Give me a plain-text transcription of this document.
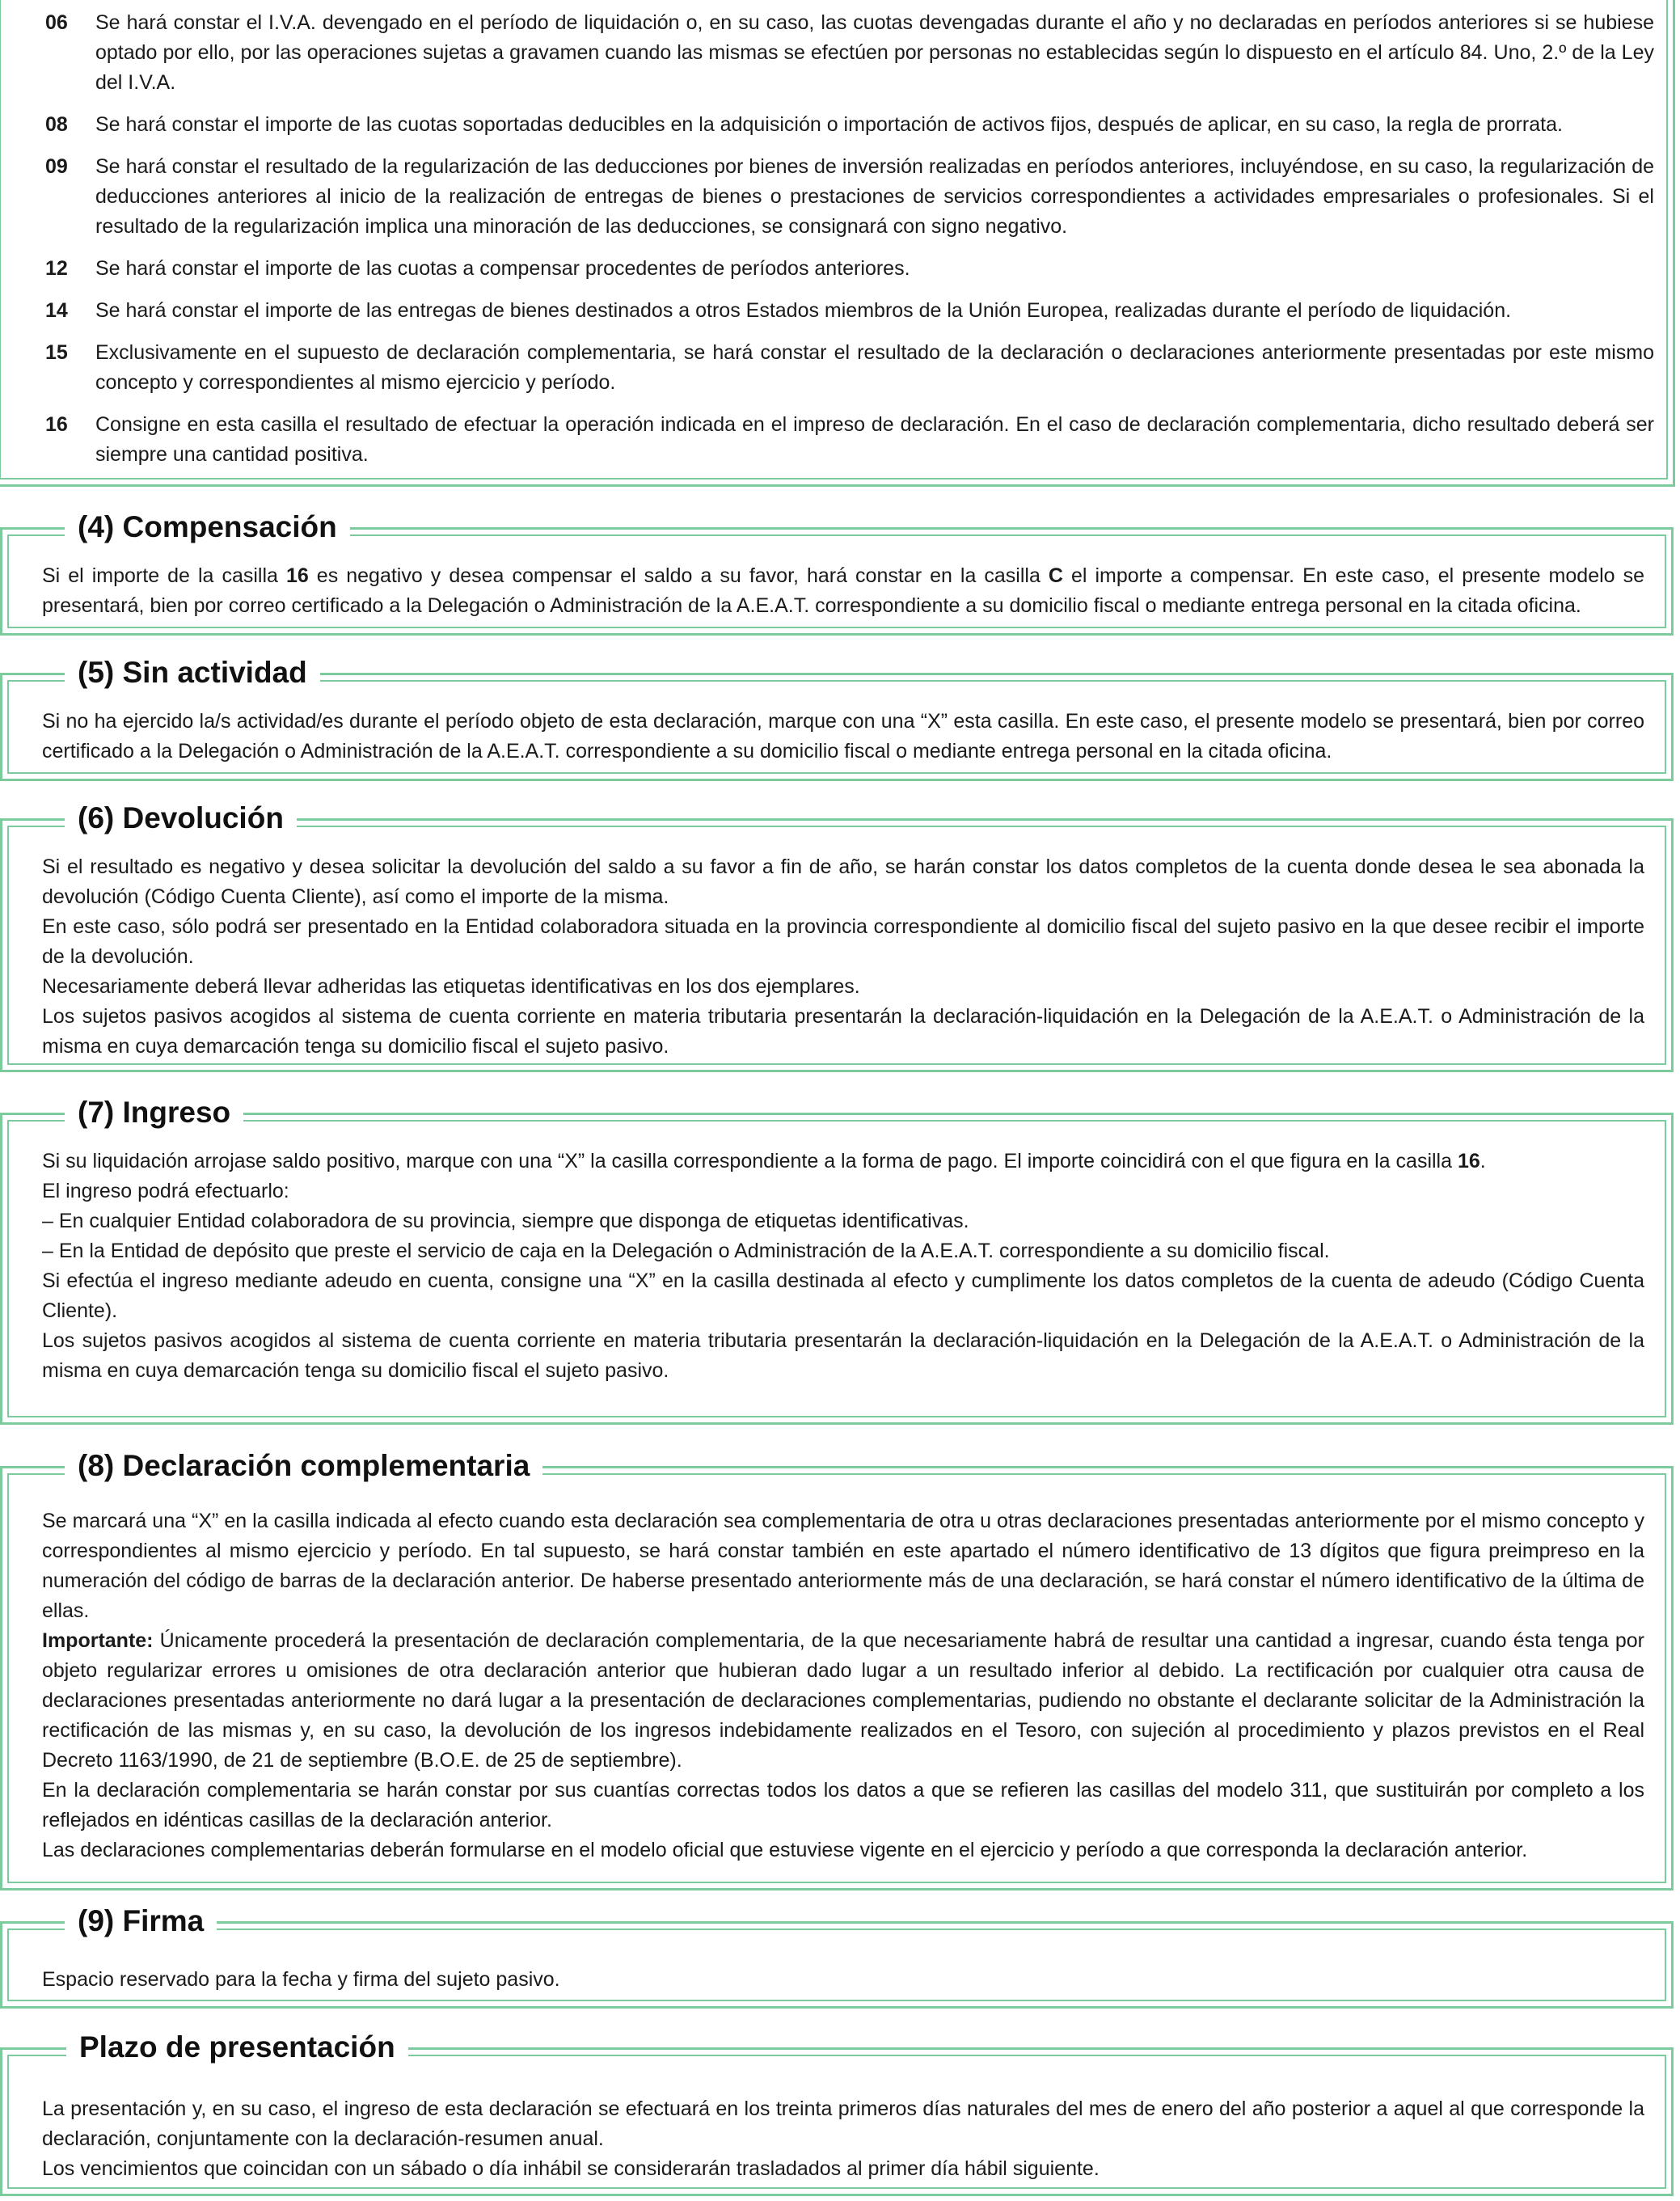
06	Se hará constar el I.V.A. devengado en el período de liquidación o, en su caso, las cuotas devengadas durante el año y no declaradas en períodos anteriores si se hubiese optado por ello, por las operaciones sujetas a gravamen cuando las mismas se efectúen por personas no establecidas según lo dispuesto en el artículo 84. Uno, 2.º de la Ley del I.V.A.
08	Se hará constar el importe de las cuotas soportadas deducibles en la adquisición o importación de activos fijos, después de aplicar, en su caso, la regla de prorrata.
09	Se hará constar el resultado de la regularización de las deducciones por bienes de inversión realizadas en períodos anteriores, incluyéndose, en su caso, la regularización de deducciones anteriores al inicio de la realización de entregas de bienes o prestaciones de servicios correspondientes a actividades empresariales o profesionales. Si el resultado de la regularización implica una minoración de las deducciones, se consignará con signo negativo.
12	Se hará constar el importe de las cuotas a compensar procedentes de períodos anteriores.
14	Se hará constar el importe de las entregas de bienes destinados a otros Estados miembros de la Unión Europea, realizadas durante el período de liquidación.
15	Exclusivamente en el supuesto de declaración complementaria, se hará constar el resultado de la declaración o declaraciones anteriormente presentadas por este mismo concepto y correspondientes al mismo ejercicio y período.
16	Consigne en esta casilla el resultado de efectuar la operación indicada en el impreso de declaración. En el caso de declaración complementaria, dicho resultado deberá ser siempre una cantidad positiva.
(4) Compensación

Si el importe de la casilla 16 es negativo y desea compensar el saldo a su favor, hará constar en la casilla C el importe a compensar. En este caso, el presente modelo se presentará, bien por correo certificado a la Delegación o Administración de la A.E.A.T. correspondiente a su domicilio fiscal o mediante entrega personal en la citada oficina.

(5) Sin actividad

Si no ha ejercido la/s actividad/es durante el período objeto de esta declaración, marque con una “X” esta casilla. En este caso, el presente modelo se presentará, bien por correo certificado a la Delegación o Administración de la A.E.A.T. correspondiente a su domicilio fiscal o mediante entrega personal en la citada oficina.

(6) Devolución

Si el resultado es negativo y desea solicitar la devolución del saldo a su favor a fin de año, se harán constar los datos completos de la cuenta donde desea le sea abonada la devolución (Código Cuenta Cliente), así como el importe de la misma.

En este caso, sólo podrá ser presentado en la Entidad colaboradora situada en la provincia correspondiente al domicilio fiscal del sujeto pasivo en la que desee recibir el importe de la devolución.

Necesariamente deberá llevar adheridas las etiquetas identificativas en los dos ejemplares.

Los sujetos pasivos acogidos al sistema de cuenta corriente en materia tributaria presentarán la declaración-liquidación en la Delegación de la A.E.A.T. o Administración de la misma en cuya demarcación tenga su domicilio fiscal el sujeto pasivo.

(7) Ingreso

Si su liquidación arrojase saldo positivo, marque con una “X” la casilla correspondiente a la forma de pago. El importe coincidirá con el que figura en la casilla 16.

El ingreso podrá efectuarlo:

– En cualquier Entidad colaboradora de su provincia, siempre que disponga de etiquetas identificativas.

– En la Entidad de depósito que preste el servicio de caja en la Delegación o Administración de la A.E.A.T. correspondiente a su domicilio fiscal.

Si efectúa el ingreso mediante adeudo en cuenta, consigne una “X” en la casilla destinada al efecto y cumplimente los datos completos de la cuenta de adeudo (Código Cuenta Cliente).

Los sujetos pasivos acogidos al sistema de cuenta corriente en materia tributaria presentarán la declaración-liquidación en la Delegación de la A.E.A.T. o Administración de la misma en cuya demarcación tenga su domicilio fiscal el sujeto pasivo.

(8) Declaración complementaria

Se marcará una “X” en la casilla indicada al efecto cuando esta declaración sea complementaria de otra u otras declaraciones presentadas anteriormente por el mismo concepto y correspondientes al mismo ejercicio y período. En tal supuesto, se hará constar también en este apartado el número identificativo de 13 dígitos que figura preimpreso en la numeración del código de barras de la declaración anterior. De haberse presentado anteriormente más de una declaración, se hará constar el número identificativo de la última de ellas.

Importante: Únicamente procederá la presentación de declaración complementaria, de la que necesariamente habrá de resultar una cantidad a ingresar, cuando ésta tenga por objeto regularizar errores u omisiones de otra declaración anterior que hubieran dado lugar a un resultado inferior al debido. La rectificación por cualquier otra causa de declaraciones presentadas anteriormente no dará lugar a la presentación de declaraciones complementarias, pudiendo no obstante el declarante solicitar de la Administración la rectificación de las mismas y, en su caso, la devolución de los ingresos indebidamente realizados en el Tesoro, con sujeción al procedimiento y plazos previstos en el Real Decreto 1163/1990, de 21 de septiembre (B.O.E. de 25 de septiembre).

En la declaración complementaria se harán constar por sus cuantías correctas todos los datos a que se refieren las casillas del modelo 311, que sustituirán por completo a los reflejados en idénticas casillas de la declaración anterior.

Las declaraciones complementarias deberán formularse en el modelo oficial que estuviese vigente en el ejercicio y período a que corresponda la declaración anterior.

(9) Firma

Espacio reservado para la fecha y firma del sujeto pasivo.

Plazo de presentación

La presentación y, en su caso, el ingreso de esta declaración se efectuará en los treinta primeros días naturales del mes de enero del año posterior a aquel al que corresponde la declaración, conjuntamente con la declaración-resumen anual.

Los vencimientos que coincidan con un sábado o día inhábil se considerarán trasladados al primer día hábil siguiente.
